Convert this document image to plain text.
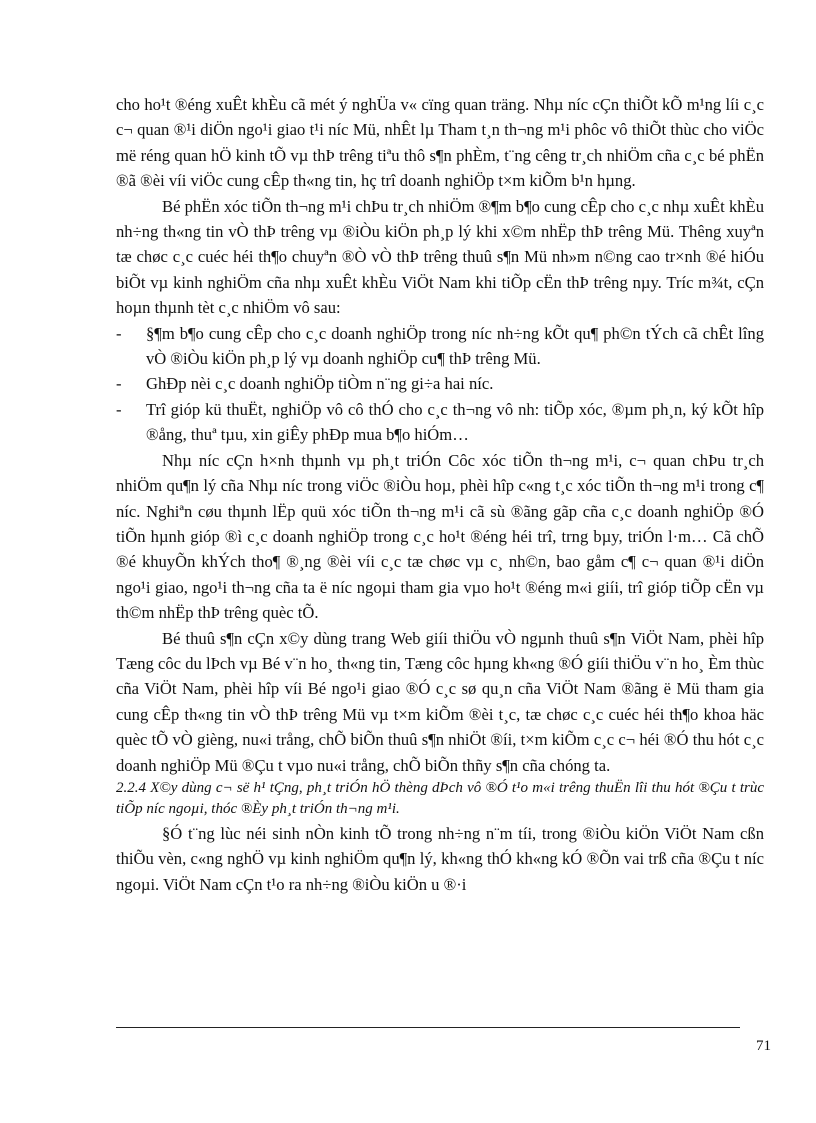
cho ho¹t ®éng xuÊt khÈu cã mét ý nghÜa v« cïng quan träng. Nhµ níc cÇn thiÕt kÕ m¹ng líi c¸c c¬ quan ®¹i diÖn ngo¹i giao t¹i níc Mü, nhÊt lµ Tham t¸n th¬ng m¹i phôc vô thiÕt thùc cho viÖc më réng quan hÖ kinh tÕ vµ thÞ trêng tiªu thô s¶n phÈm, t¨ng cêng tr¸ch nhiÖm cña c¸c bé phËn ®ã ®èi víi viÖc cung cÊp th«ng tin, hç trî doanh nghiÖp t×m kiÕm b¹n hµng.

Bé phËn xóc tiÕn th¬ng m¹i chÞu tr¸ch nhiÖm ®¶m b¶o cung cÊp cho c¸c nhµ xuÊt khÈu nh÷ng th«ng tin vÒ thÞ trêng vµ ®iÒu kiÖn ph¸p lý khi x©m nhËp thÞ trêng Mü. Thêng xuyªn tæ chøc c¸c cuéc héi th¶o chuyªn ®Ò vÒ thÞ trêng thuû s¶n Mü nh»m n©ng cao tr×nh ®é hiÓu biÕt vµ kinh nghiÖm cña nhµ xuÊt khÈu ViÖt Nam khi tiÕp cËn thÞ trêng nµy. Tríc m¾t, cÇn hoµn thµnh tèt c¸c nhiÖm vô sau:

- §¶m b¶o cung cÊp cho c¸c doanh nghiÖp trong níc nh÷ng kÕt qu¶ ph©n tÝch cã chÊt lîng vÒ ®iÒu kiÖn ph¸p lý vµ doanh nghiÖp cu¶ thÞ trêng Mü.

- GhÐp nèi c¸c doanh nghiÖp tiÒm n¨ng gi÷a hai níc.

- Trî gióp kü thuËt, nghiÖp vô cô thÓ cho c¸c th¬ng vô nh: tiÕp xóc, ®µm ph¸n, ký kÕt hîp ®ång, thuª tµu, xin giÊy phÐp mua b¶o hiÓm…

Nhµ níc cÇn h×nh thµnh vµ ph¸t triÓn Côc xóc tiÕn th¬ng m¹i, c¬ quan chÞu tr¸ch nhiÖm qu¶n lý cña Nhµ níc trong viÖc ®iÒu hoµ, phèi hîp c«ng t¸c xóc tiÕn th¬ng m¹i trong c¶ níc. Nghiªn cøu thµnh lËp quü xóc tiÕn th¬ng m¹i cã sù ®ãng gãp cña c¸c doanh nghiÖp ®Ó tiÕn hµnh gióp ®ì c¸c doanh nghiÖp trong c¸c ho¹t ®éng héi trî, trng bµy, triÓn l·m… Cã chÕ ®é khuyÕn khÝch tho¶ ®¸ng ®èi víi c¸c tæ chøc vµ c¸ nh©n, bao gåm c¶ c¬ quan ®¹i diÖn ngo¹i giao, ngo¹i th¬ng cña ta ë níc ngoµi tham gia vµo ho¹t ®éng m«i giíi, trî gióp tiÕp cËn vµ th©m nhËp thÞ trêng quèc tÕ.

Bé thuû s¶n cÇn x©y dùng trang Web giíi thiÖu vÒ ngµnh thuû s¶n ViÖt Nam, phèi hîp Tæng côc du lÞch vµ Bé v¨n ho¸ th«ng tin, Tæng côc hµng kh«ng ®Ó giíi thiÖu v¨n ho¸ Èm thùc cña ViÖt Nam, phèi hîp víi Bé ngo¹i giao ®Ó c¸c sø qu¸n cña ViÖt Nam ®ãng ë Mü tham gia cung cÊp th«ng tin vÒ thÞ trêng Mü vµ t×m kiÕm ®èi t¸c, tæ chøc c¸c cuéc héi th¶o khoa häc quèc tÕ vÒ gièng, nu«i trång, chÕ biÕn thuû s¶n nhiÖt ®íi, t×m kiÕm c¸c c¬ héi ®Ó thu hót c¸c doanh nghiÖp Mü ®Çu t vµo nu«i trång, chÕ biÕn thñy s¶n cña chóng ta.

2.2.4 X©y dùng c¬ së h¹ tÇng, ph¸t triÓn hÖ thèng dÞch vô ®Ó t¹o m«i trêng thuËn lîi thu hót ®Çu t trùc tiÕp níc ngoµi, thóc ®Èy ph¸t triÓn th¬ng m¹i.

§Ó t¨ng lùc néi sinh nÒn kinh tÕ trong nh÷ng n¨m tíi, trong ®iÒu kiÖn ViÖt Nam cßn thiÕu vèn, c«ng nghÖ vµ kinh nghiÖm qu¶n lý, kh«ng thÓ kh«ng kÓ ®Õn vai trß cña ®Çu t níc ngoµi. ViÖt Nam cÇn t¹o ra nh÷ng ®iÒu kiÖn u ®·i

71
